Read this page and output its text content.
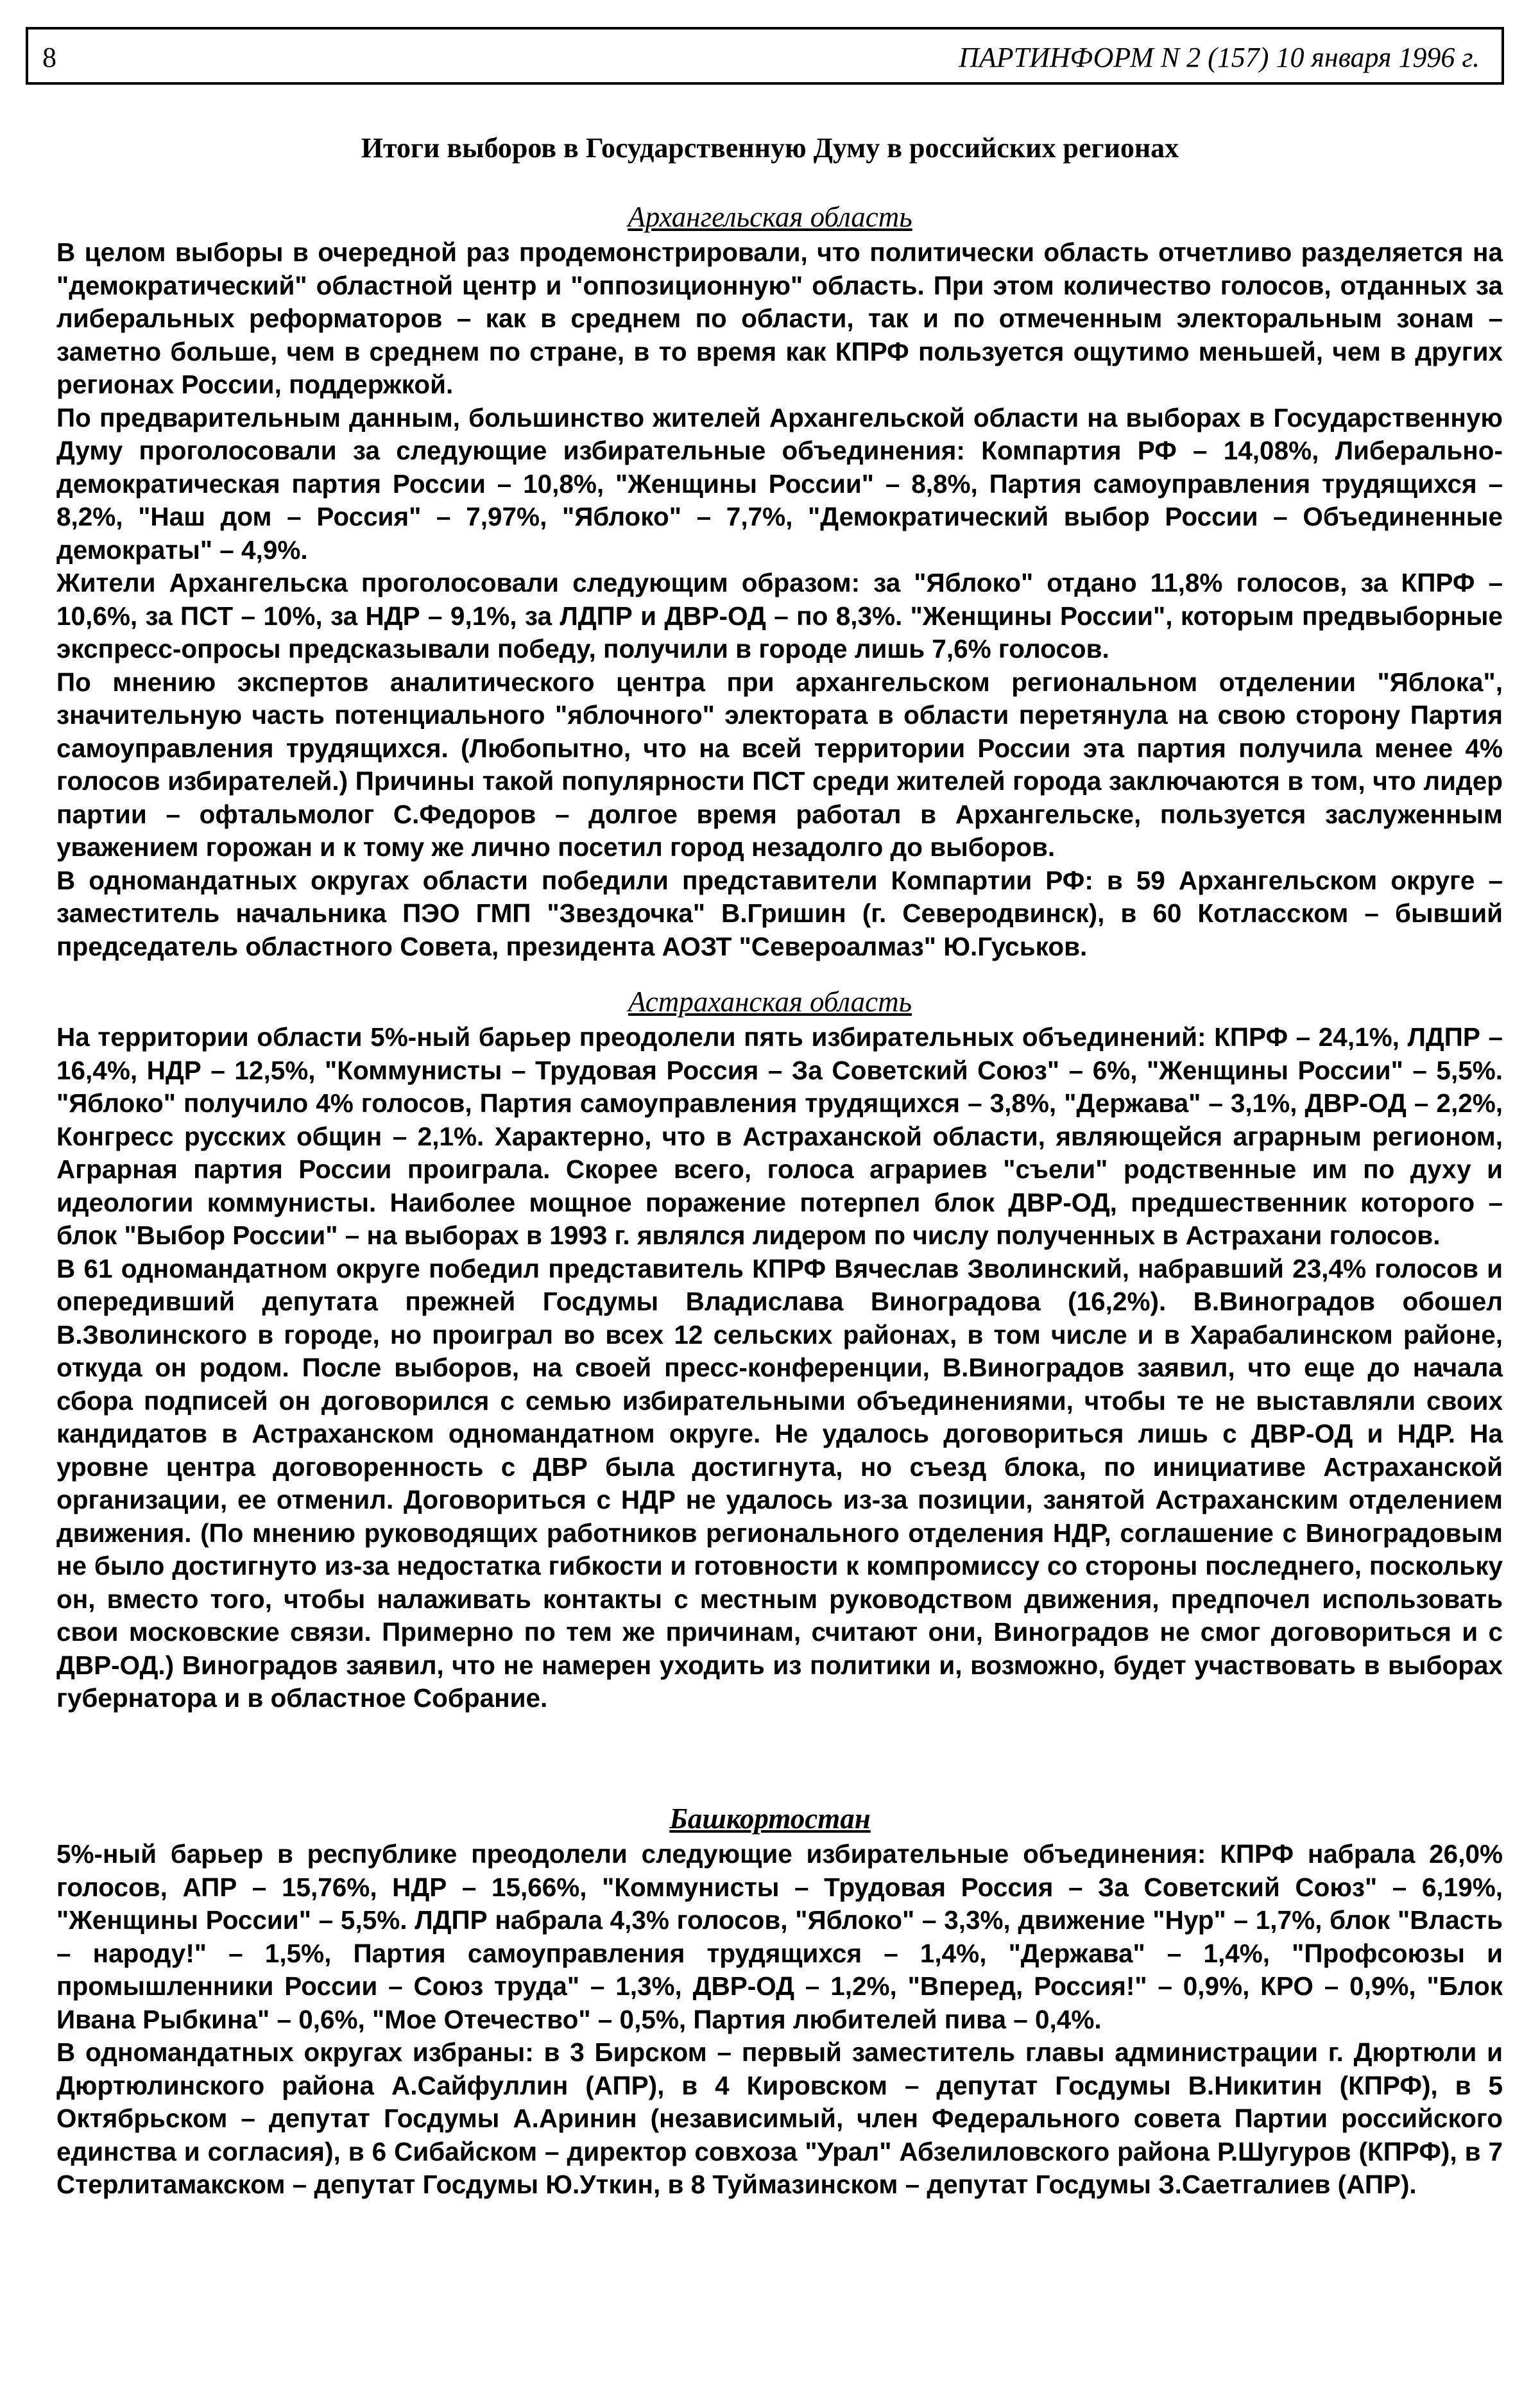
8	ПАРТИНФОРМ N 2 (157) 10 января 1996 г.
Итоги выборов в Государственную Думу в российских регионах
Архангельская область

В целом выборы в очередной раз продемонстрировали, что политически область отчетливо разделяется на "демократический" областной центр и "оппозиционную" область. При этом количество голосов, отданных за либеральных реформаторов – как в среднем по области, так и по отмеченным электоральным зонам – заметно больше, чем в среднем по стране, в то время как КПРФ пользуется ощутимо меньшей, чем в других регионах России, поддержкой.

По предварительным данным, большинство жителей Архангельской области на выборах в Государственную Думу проголосовали за следующие избирательные объединения: Компартия РФ – 14,08%, Либерально-демократическая партия России – 10,8%, "Женщины России" – 8,8%, Партия самоуправления трудящихся – 8,2%, "Наш дом – Россия" – 7,97%, "Яблоко" – 7,7%, "Демократический выбор России – Объединенные демократы" – 4,9%.

Жители Архангельска проголосовали следующим образом: за "Яблоко" отдано 11,8% голосов, за КПРФ – 10,6%, за ПСТ – 10%, за НДР – 9,1%, за ЛДПР и ДВР-ОД – по 8,3%. "Женщины России", которым предвыборные экспресс-опросы предсказывали победу, получили в городе лишь 7,6% голосов.

По мнению экспертов аналитического центра при архангельском региональном отделении "Яблока", значительную часть потенциального "яблочного" электората в области перетянула на свою сторону Партия самоуправления трудящихся. (Любопытно, что на всей территории России эта партия получила менее 4% голосов избирателей.) Причины такой популярности ПСТ среди жителей города заключаются в том, что лидер партии – офтальмолог С.Федоров – долгое время работал в Архангельске, пользуется заслуженным уважением горожан и к тому же лично посетил город незадолго до выборов.

В одномандатных округах области победили представители Компартии РФ: в 59 Архангельском округе – заместитель начальника ПЭО ГМП "Звездочка" В.Гришин (г. Северодвинск), в 60 Котласском – бывший председатель областного Совета, президента АОЗТ "Североалмаз" Ю.Гуськов.

Астраханская область

На территории области 5%-ный барьер преодолели пять избирательных объединений: КПРФ – 24,1%, ЛДПР – 16,4%, НДР – 12,5%, "Коммунисты – Трудовая Россия – За Советский Союз" – 6%, "Женщины России" – 5,5%. "Яблоко" получило 4% голосов, Партия самоуправления трудящихся – 3,8%, "Держава" – 3,1%, ДВР-ОД – 2,2%, Конгресс русских общин – 2,1%. Характерно, что в Астраханской области, являющейся аграрным регионом, Аграрная партия России проиграла. Скорее всего, голоса аграриев "съели" родственные им по духу и идеологии коммунисты. Наиболее мощное поражение потерпел блок ДВР-ОД, предшественник которого – блок "Выбор России" – на выборах в 1993 г. являлся лидером по числу полученных в Астрахани голосов.

В 61 одномандатном округе победил представитель КПРФ Вячеслав Зволинский, набравший 23,4% голосов и опередивший депутата прежней Госдумы Владислава Виноградова (16,2%). В.Виноградов обошел В.Зволинского в городе, но проиграл во всех 12 сельских районах, в том числе и в Харабалинском районе, откуда он родом. После выборов, на своей пресс-конференции, В.Виноградов заявил, что еще до начала сбора подписей он договорился с семью избирательными объединениями, чтобы те не выставляли своих кандидатов в Астраханском одномандатном округе. Не удалось договориться лишь с ДВР-ОД и НДР. На уровне центра договоренность с ДВР была достигнута, но съезд блока, по инициативе Астраханской организации, ее отменил. Договориться с НДР не удалось из-за позиции, занятой Астраханским отделением движения. (По мнению руководящих работников регионального отделения НДР, соглашение с Виноградовым не было достигнуто из-за недостатка гибкости и готовности к компромиссу со стороны последнего, поскольку он, вместо того, чтобы налаживать контакты с местным руководством движения, предпочел использовать свои московские связи. Примерно по тем же причинам, считают они, Виноградов не смог договориться и с ДВР-ОД.) Виноградов заявил, что не намерен уходить из политики и, возможно, будет участвовать в выборах губернатора и в областное Собрание.

Башкортостан

5%-ный барьер в республике преодолели следующие избирательные объединения: КПРФ набрала 26,0% голосов, АПР – 15,76%, НДР – 15,66%, "Коммунисты – Трудовая Россия – За Советский Союз" – 6,19%, "Женщины России" – 5,5%. ЛДПР набрала 4,3% голосов, "Яблоко" – 3,3%, движение "Нур" – 1,7%, блок "Власть – народу!" – 1,5%, Партия самоуправления трудящихся – 1,4%, "Держава" – 1,4%, "Профсоюзы и промышленники России – Союз труда" – 1,3%, ДВР-ОД – 1,2%, "Вперед, Россия!" – 0,9%, КРО – 0,9%, "Блок Ивана Рыбкина" – 0,6%, "Мое Отечество" – 0,5%, Партия любителей пива – 0,4%.

В одномандатных округах избраны: в 3 Бирском – первый заместитель главы администрации г. Дюртюли и Дюртюлинского района А.Сайфуллин (АПР), в 4 Кировском – депутат Госдумы В.Никитин (КПРФ), в 5 Октябрьском – депутат Госдумы А.Аринин (независимый, член Федерального совета Партии российского единства и согласия), в 6 Сибайском – директор совхоза "Урал" Абзелиловского района Р.Шугуров (КПРФ), в 7 Стерлитамакском – депутат Госдумы Ю.Уткин, в 8 Туймазинском – депутат Госдумы З.Саетгалиев (АПР).
